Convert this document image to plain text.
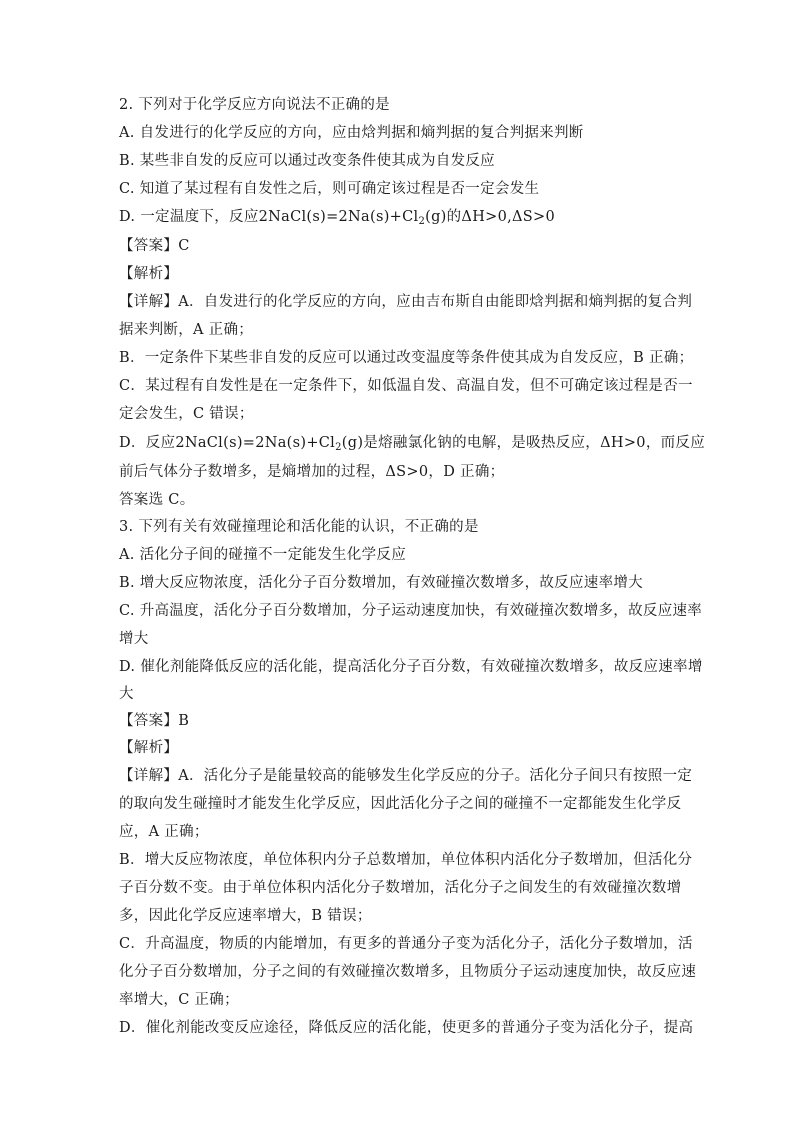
2. 下列对于化学反应方向说法不正确的是
A. 自发进行的化学反应的方向，应由焓判据和熵判据的复合判据来判断
B. 某些非自发的反应可以通过改变条件使其成为自发反应
C. 知道了某过程有自发性之后，则可确定该过程是否一定会发生
D. 一定温度下，反应$2NaCl(s)=2Na(s)+Cl_2(g)$的ΔH>0,ΔS>0
【答案】C
【解析】
【详解】A．自发进行的化学反应的方向，应由吉布斯自由能即焓判据和熵判据的复合判
据来判断，A 正确；
B．一定条件下某些非自发的反应可以通过改变温度等条件使其成为自发反应，B 正确；
C．某过程有自发性是在一定条件下，如低温自发、高温自发，但不可确定该过程是否一
定会发生，C 错误；
D．反应$2NaCl(s)=2Na(s)+Cl_2(g)$是熔融氯化钠的电解，是吸热反应，ΔH>0，而反应
前后气体分子数增多，是熵增加的过程，ΔS>0，D 正确；
答案选 C。
3. 下列有关有效碰撞理论和活化能的认识，不正确的是
A. 活化分子间的碰撞不一定能发生化学反应
B. 增大反应物浓度，活化分子百分数增加，有效碰撞次数增多，故反应速率增大
C. 升高温度，活化分子百分数增加，分子运动速度加快，有效碰撞次数增多，故反应速率
增大
D. 催化剂能降低反应的活化能，提高活化分子百分数，有效碰撞次数增多，故反应速率增
大
【答案】B
【解析】
【详解】A．活化分子是能量较高的能够发生化学反应的分子。活化分子间只有按照一定
的取向发生碰撞时才能发生化学反应，因此活化分子之间的碰撞不一定都能发生化学反
应，A 正确；
B．增大反应物浓度，单位体积内分子总数增加，单位体积内活化分子数增加，但活化分
子百分数不变。由于单位体积内活化分子数增加，活化分子之间发生的有效碰撞次数增
多，因此化学反应速率增大，B 错误；
C．升高温度，物质的内能增加，有更多的普通分子变为活化分子，活化分子数增加，活
化分子百分数增加，分子之间的有效碰撞次数增多，且物质分子运动速度加快，故反应速
率增大，C 正确；
D．催化剂能改变反应途径，降低反应的活化能，使更多的普通分子变为活化分子，提高
